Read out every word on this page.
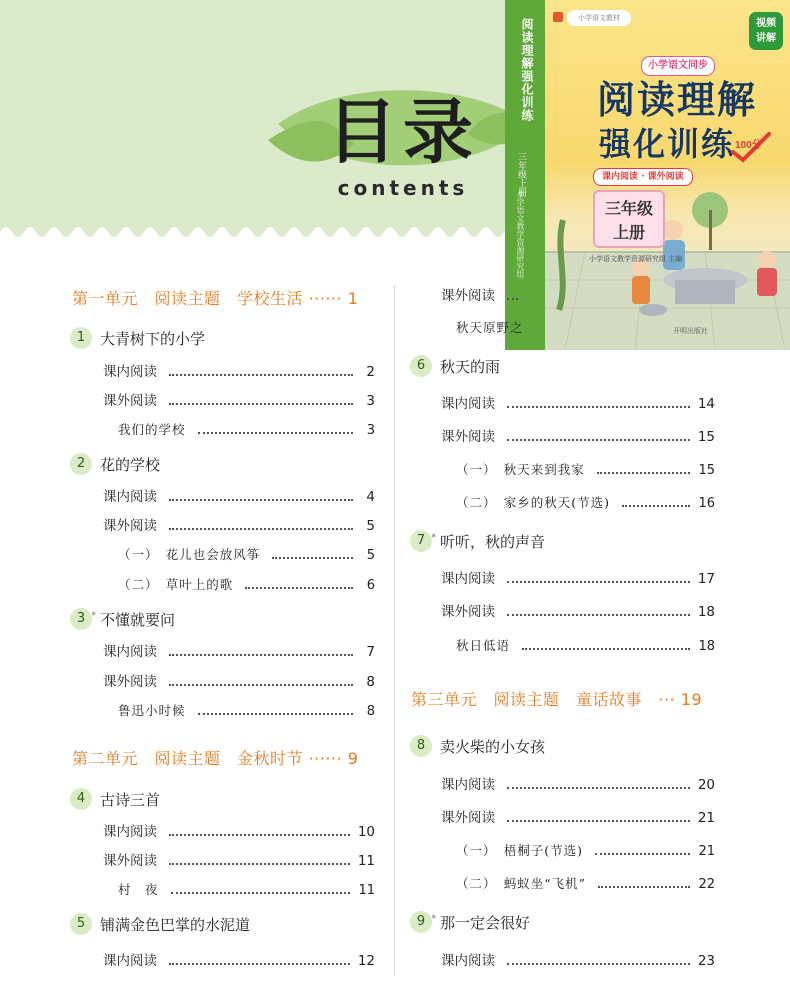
目录
contents
阅读理解强化训练
三年级上册
小学语文教学资源研究组
小学语文教材	视频
讲解
小学语文同步
阅读理解
强化训练 100分
课内阅读 · 课外阅读
三年级
上册
小学语文教学资源研究组 主编
开明出版社
第一单元　阅读主题　学校生活 ······ 1
1 大青树下的小学
课内阅读	2
课外阅读	3
我们的学校	3
2 花的学校
课内阅读	4
课外阅读	5
（一）　花儿也会放风筝	5
（二）　草叶上的歌	6
3 * 不懂就要问
课内阅读	7
课外阅读	8
鲁迅小时候	8
第二单元　阅读主题　金秋时节 ······ 9
4 古诗三首
课内阅读	10
课外阅读	11
村　夜	11
5 铺满金色巴掌的水泥道
课内阅读	12
课外阅读
秋天原野之
6 秋天的雨
课内阅读	14
课外阅读	15
（一）　秋天来到我家	15
（二）　家乡的秋天(节选)	16
7 * 听听，秋的声音
课内阅读	17
课外阅读	18
秋日低语	18
第三单元　阅读主题　童话故事　··· 19
8 卖火柴的小女孩
课内阅读	20
课外阅读	21
（一）　梧桐子(节选)	21
（二）　蚂蚁坐“飞机”	22
9 * 那一定会很好
课内阅读	23
